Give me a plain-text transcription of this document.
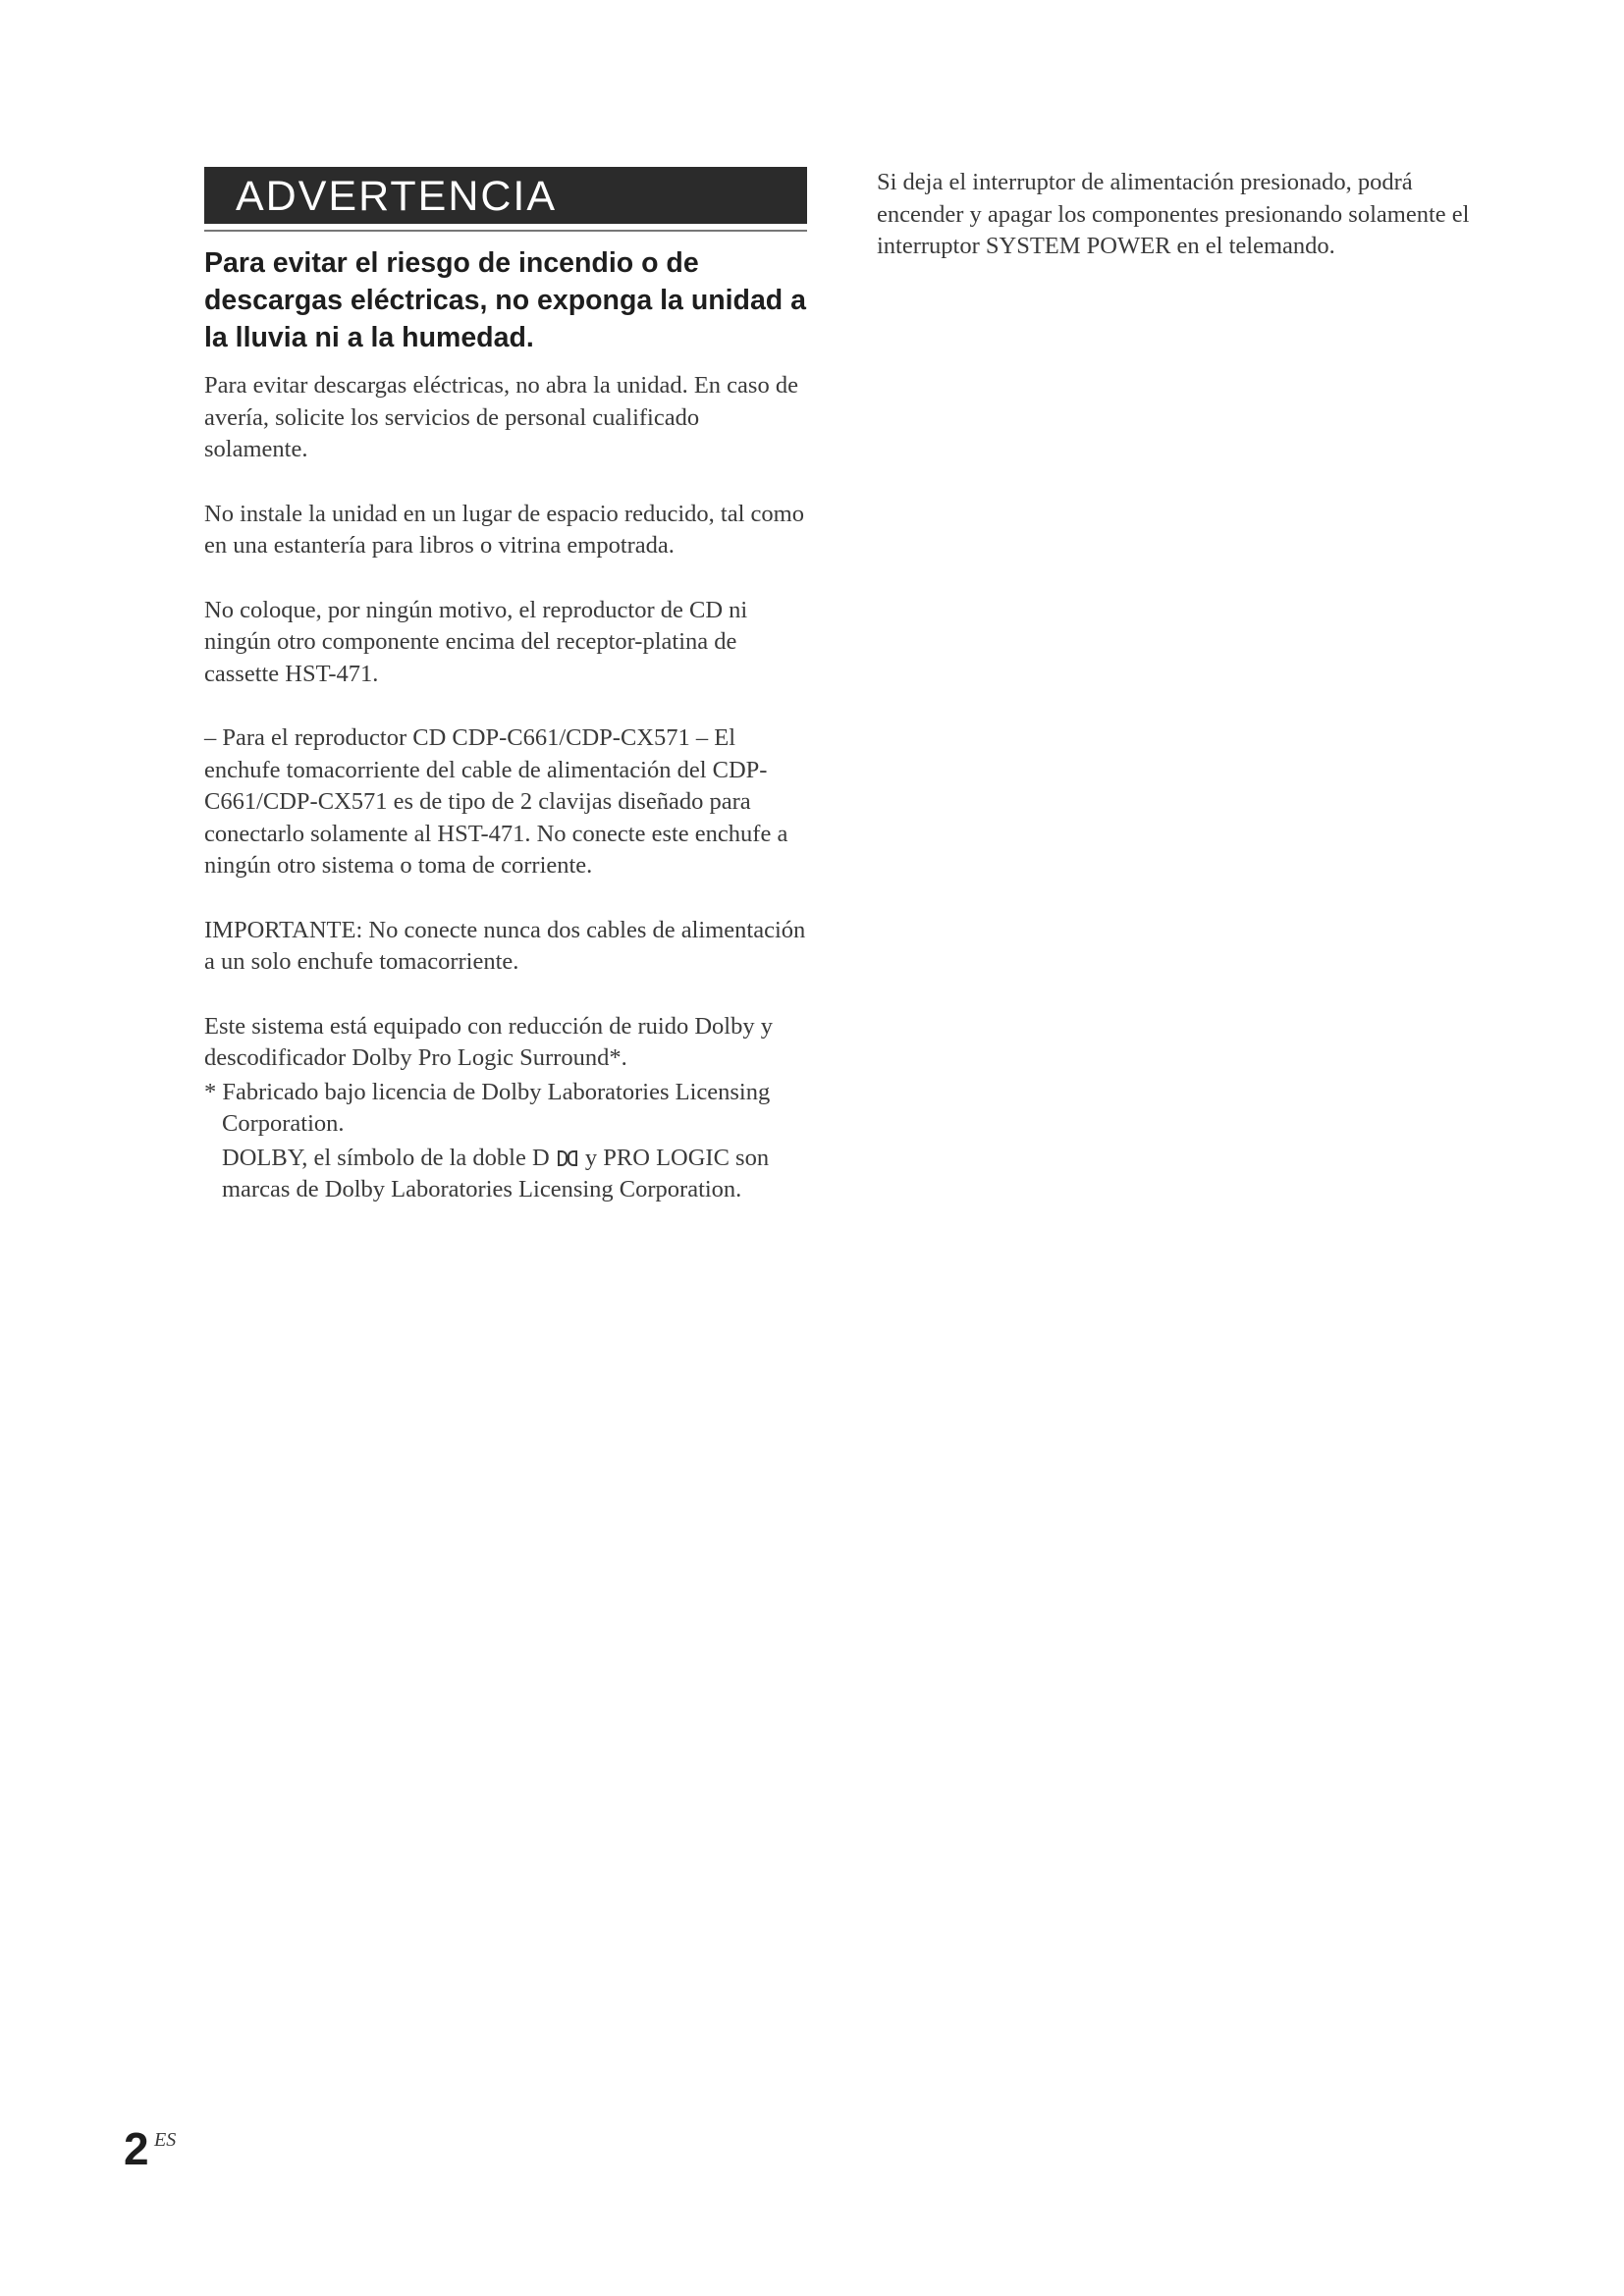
ADVERTENCIA
Para evitar el riesgo de incendio o de descargas eléctricas, no exponga la unidad a la lluvia ni a la humedad.

Para evitar descargas eléctricas, no abra la unidad. En caso de avería, solicite los servicios de personal cualificado solamente.

No instale la unidad en un lugar de espacio reducido, tal como en una estantería para libros o vitrina empotrada.

No coloque, por ningún motivo, el reproductor de CD ni ningún otro componente encima del receptor-platina de cassette HST-471.

– Para el reproductor CD CDP-C661/CDP-CX571 – El enchufe tomacorriente del cable de alimentación del CDP-C661/CDP-CX571 es de tipo de 2 clavijas diseñado para conectarlo solamente al HST-471. No conecte este enchufe a ningún otro sistema o toma de corriente.

IMPORTANTE: No conecte nunca dos cables de alimentación a un solo enchufe tomacorriente.

Este sistema está equipado con reducción de ruido Dolby y descodificador Dolby Pro Logic Surround*.

* Fabricado bajo licencia de Dolby Laboratories Licensing Corporation.

DOLBY, el símbolo de la doble D y PRO LOGIC son marcas de Dolby Laboratories Licensing Corporation.

Si deja el interruptor de alimentación presionado, podrá encender y apagar los componentes presionando solamente el interruptor SYSTEM POWER en el telemando.

2 ES
